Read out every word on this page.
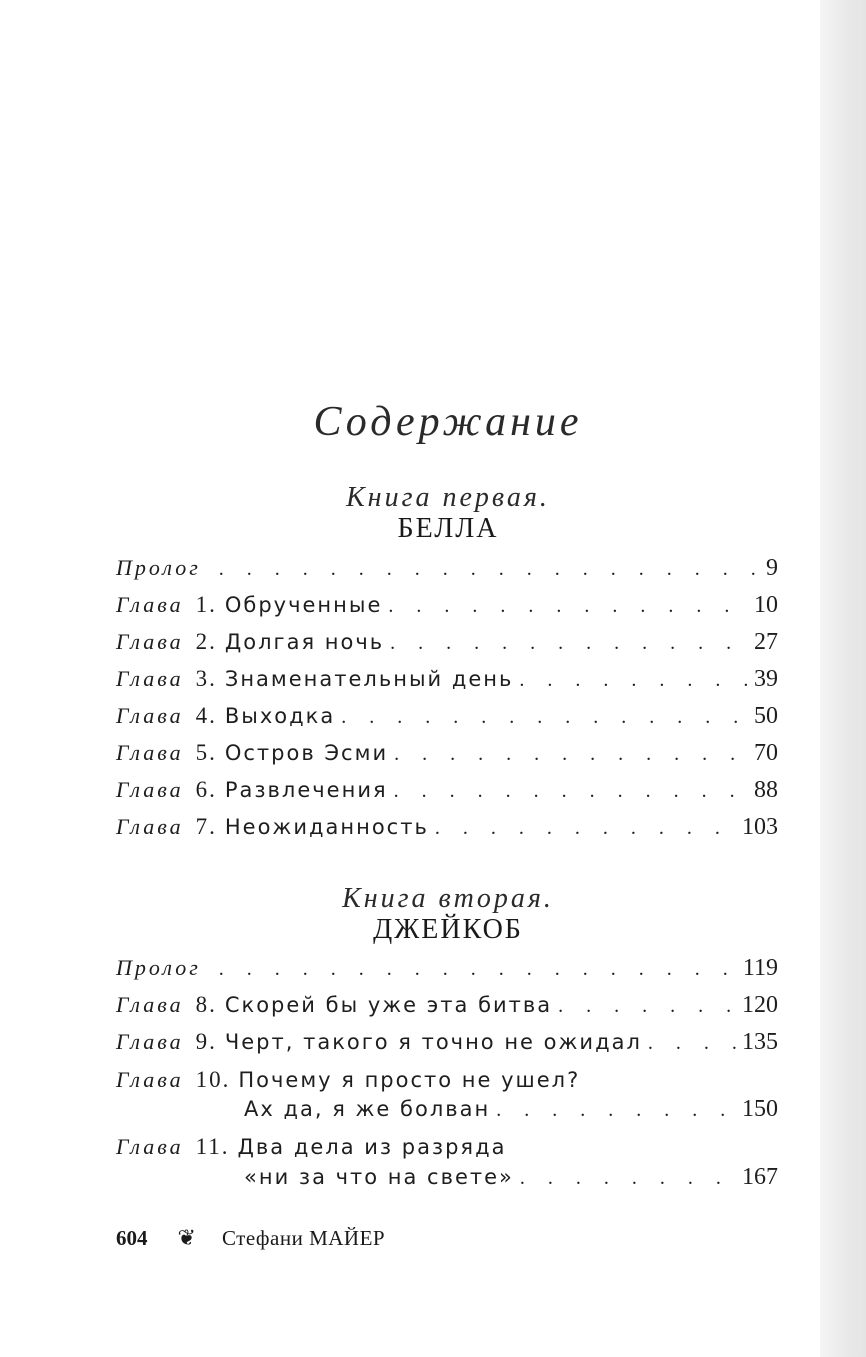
Содержание
Книга первая.
БЕЛЛА
Пролог . . .	9
Глава 1. Обрученные . . .	10
Глава 2. Долгая ночь . . .	27
Глава 3. Знаменательный день . . .	39
Глава 4. Выходка . . .	50
Глава 5. Остров Эсми . . .	70
Глава 6. Развлечения . . .	88
Глава 7. Неожиданность . . .	103
Книга вторая.
ДЖЕЙКОБ
Пролог . . .	119
Глава 8. Скорей бы уже эта битва . . .	120
Глава 9. Черт, такого я точно не ожидал . . .	135
Глава 10. Почему я просто не ушел?
Ах да, я же болван . . .	150
Глава 11. Два дела из разряда
«ни за что на свете» . . .	167
604 ❦ Стефани МАЙЕР
